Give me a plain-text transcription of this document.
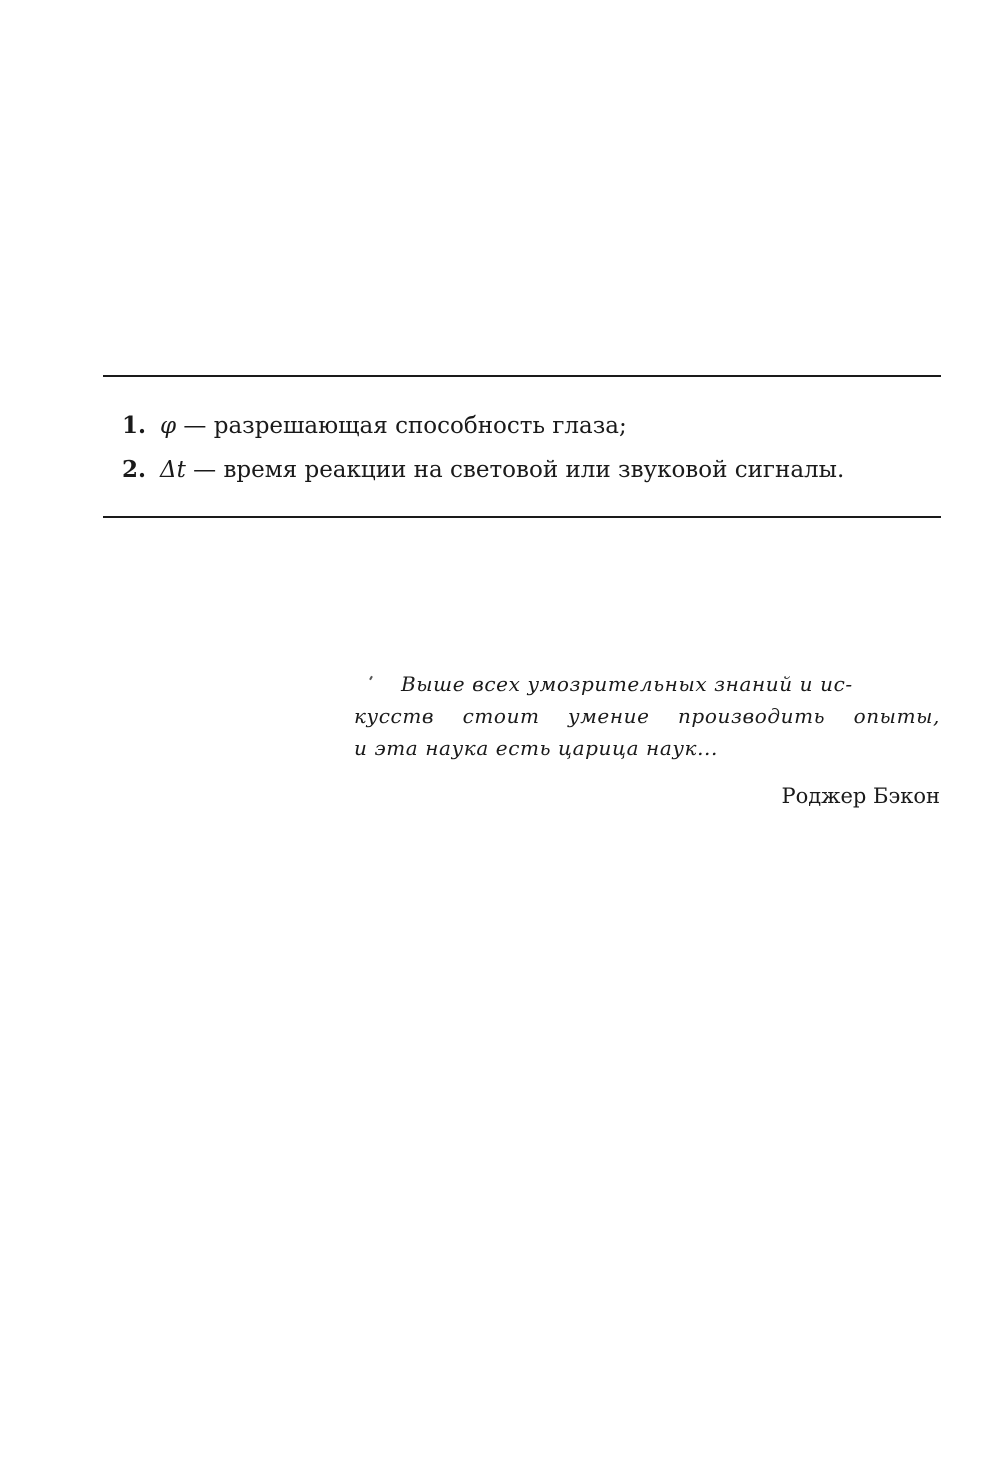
1. φ — разрешающая способность глаза;
2. Δt — время реакции на световой или звуковой сигналы.
Выше всех умозрительных знаний и ис-
кусств стоит умение производить опыты,
и эта наука есть царица наук...
Роджер Бэкон
